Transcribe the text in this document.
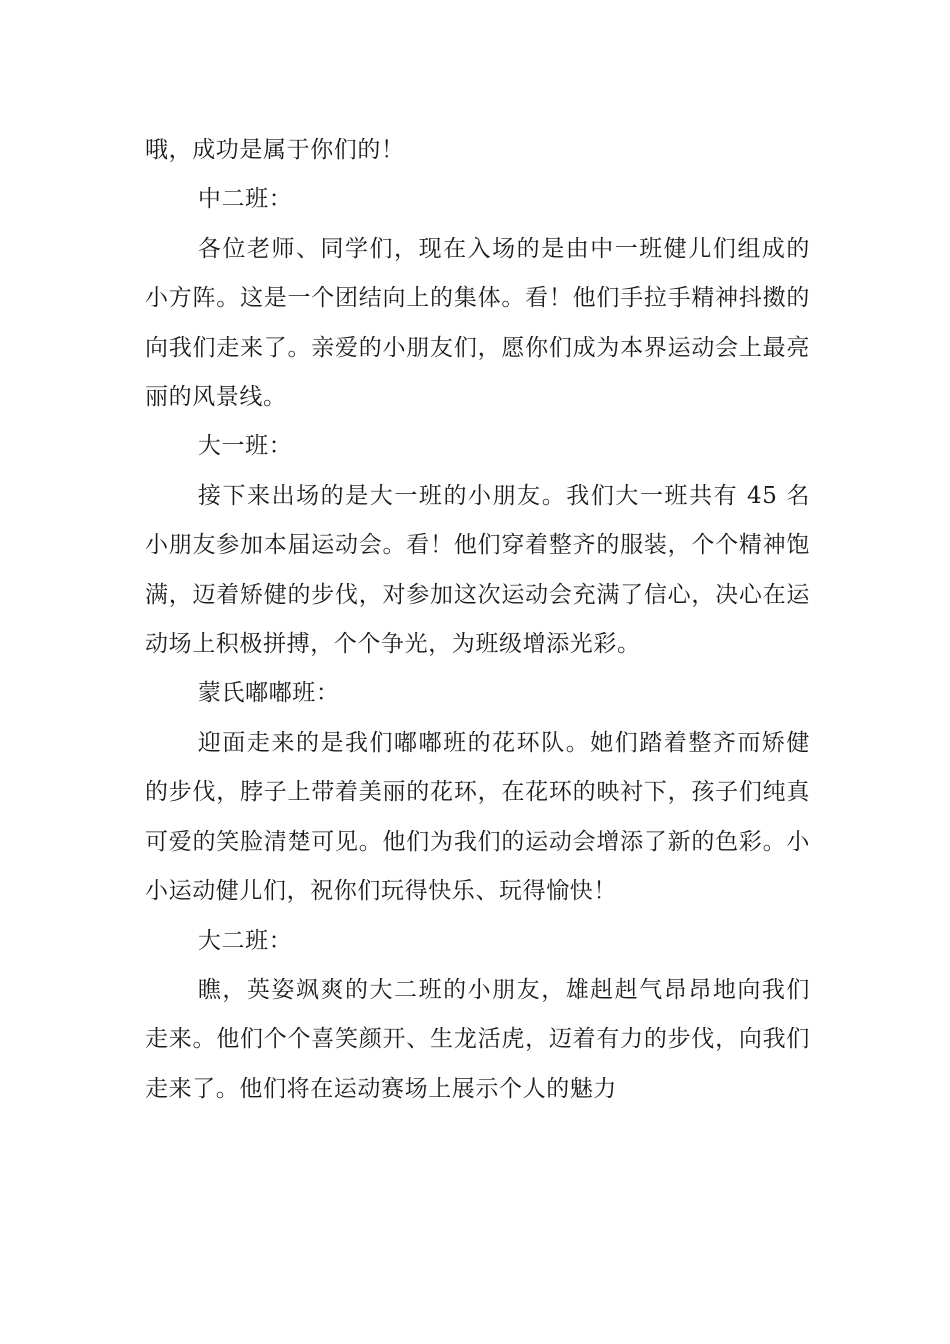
哦，成功是属于你们的！

中二班：

各位老师、同学们，现在入场的是由中一班健儿们组成的小方阵。这是一个团结向上的集体。看！他们手拉手精神抖擞的向我们走来了。亲爱的小朋友们，愿你们成为本界运动会上最亮丽的风景线。

大一班：

接下来出场的是大一班的小朋友。我们大一班共有 45 名小朋友参加本届运动会。看！他们穿着整齐的服装，个个精神饱满，迈着矫健的步伐，对参加这次运动会充满了信心，决心在运动场上积极拼搏，个个争光，为班级增添光彩。

蒙氏嘟嘟班：

迎面走来的是我们嘟嘟班的花环队。她们踏着整齐而矫健的步伐，脖子上带着美丽的花环，在花环的映衬下，孩子们纯真可爱的笑脸清楚可见。他们为我们的运动会增添了新的色彩。小小运动健儿们，祝你们玩得快乐、玩得愉快！

大二班：

瞧，英姿飒爽的大二班的小朋友，雄赳赳气昂昂地向我们走来。他们个个喜笑颜开、生龙活虎，迈着有力的步伐，向我们走来了。他们将在运动赛场上展示个人的魅力
